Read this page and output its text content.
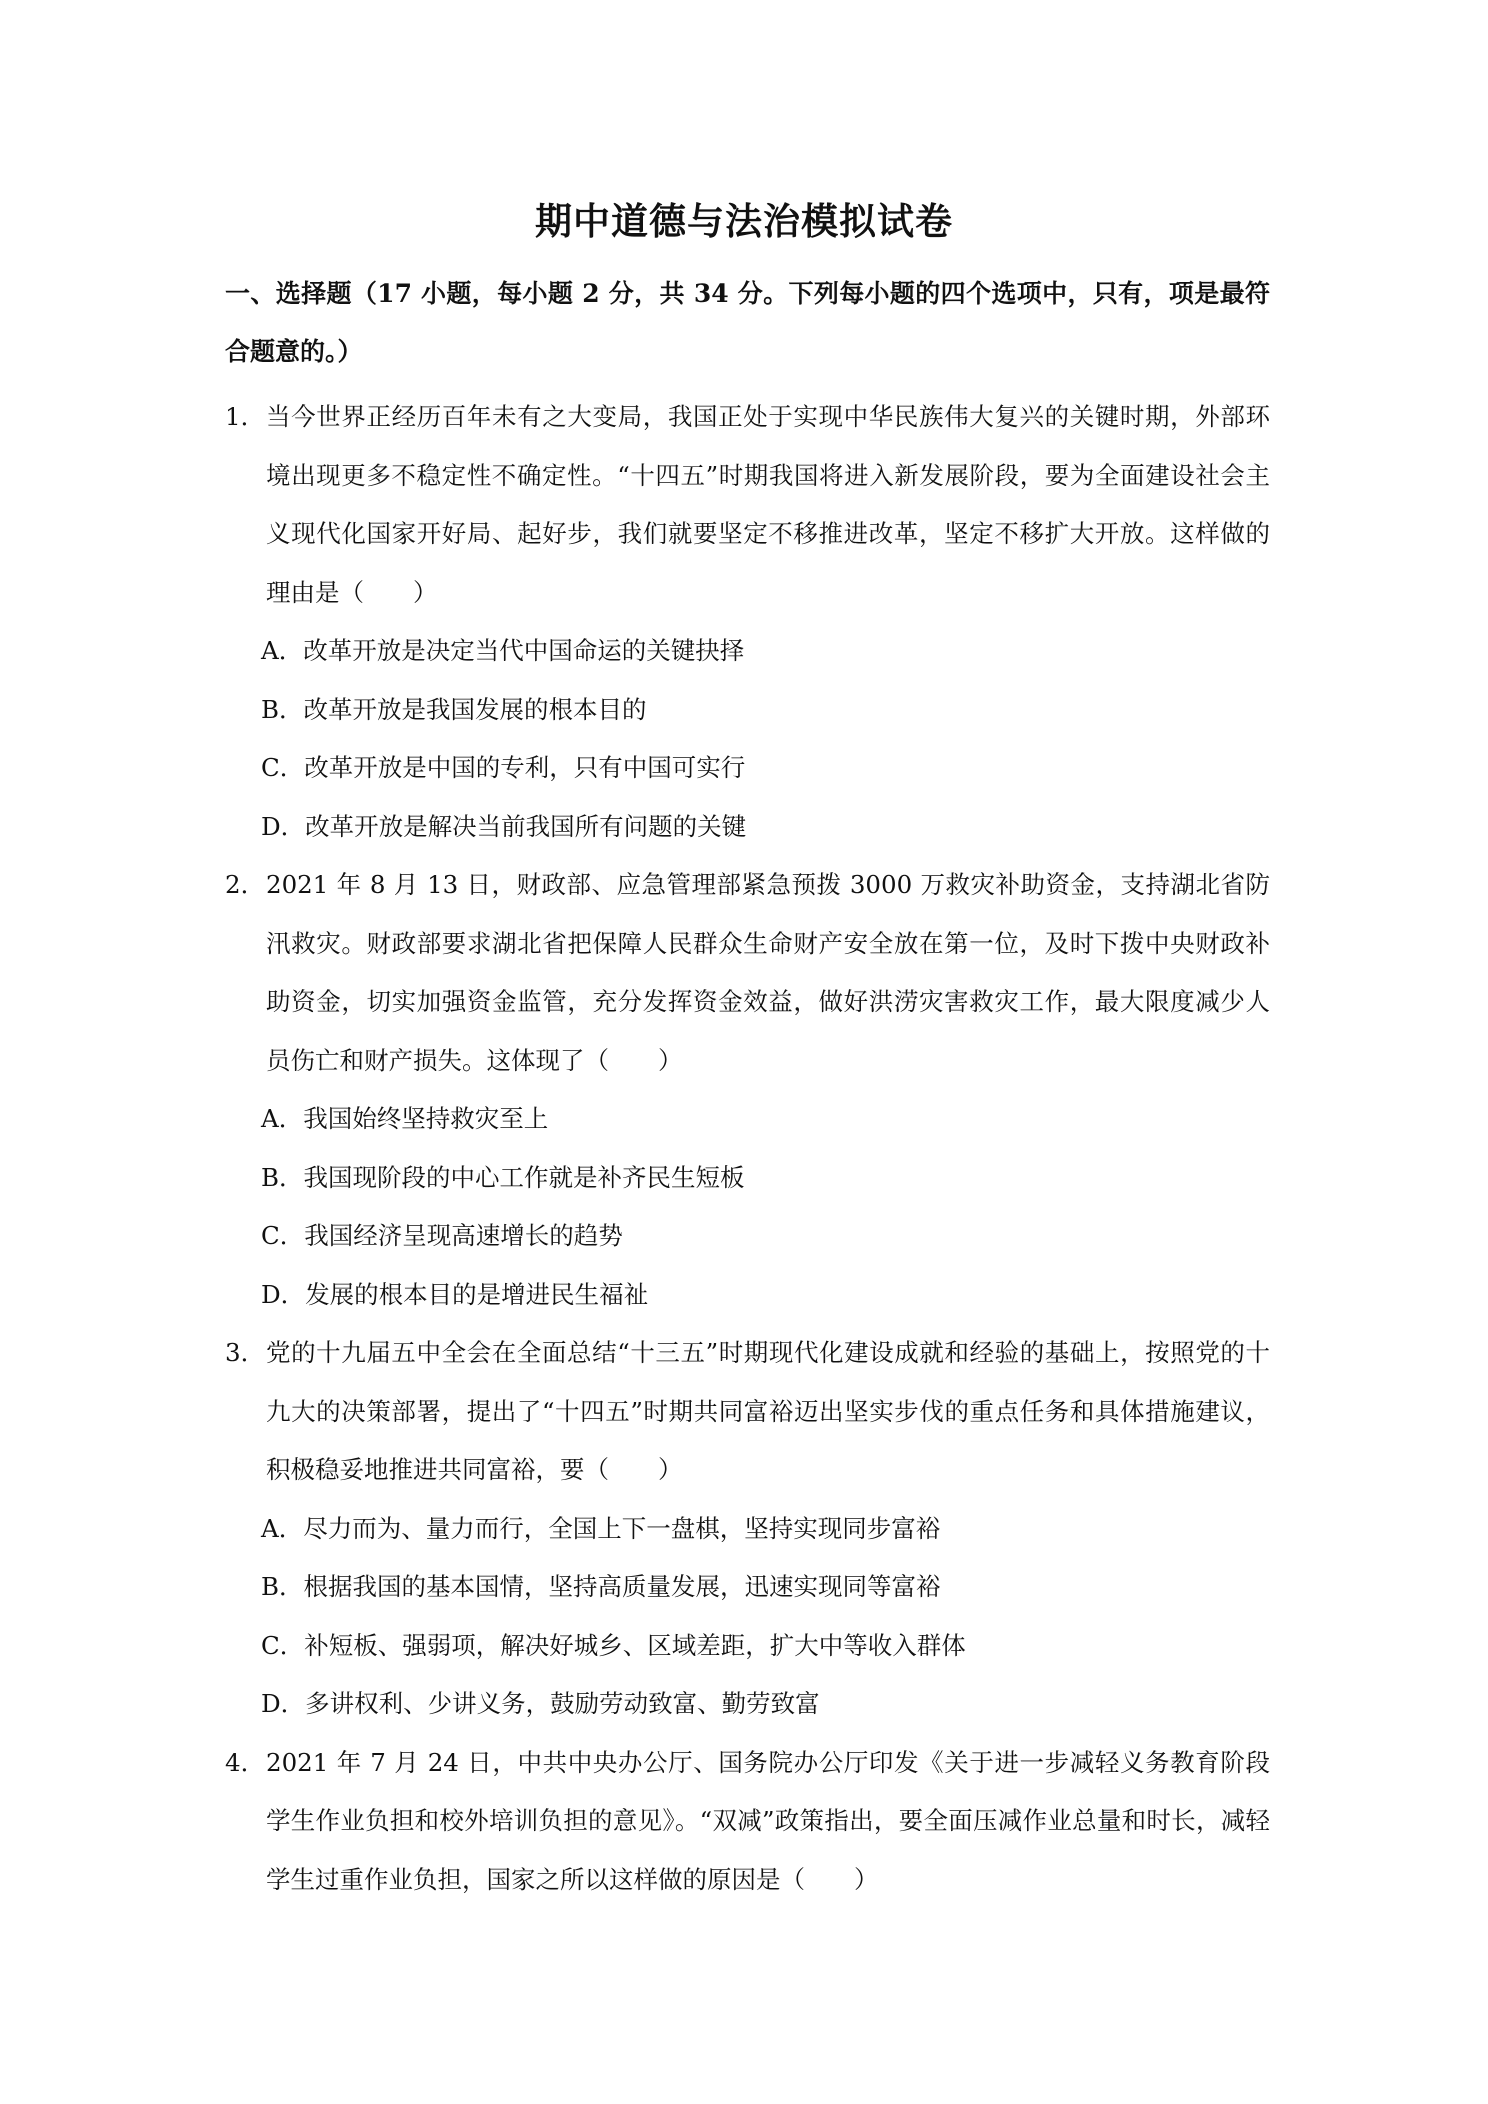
期中道德与法治模拟试卷
一、选择题（17 小题，每小题 2 分，共 34 分。下列每小题的四个选项中，只有，项是最符合题意的。）
1． 当今世界正经历百年未有之大变局，我国正处于实现中华民族伟大复兴的关键时期，外部环境出现更多不稳定性不确定性。“十四五”时期我国将进入新发展阶段，要为全面建设社会主义现代化国家开好局、起好步，我们就要坚定不移推进改革，坚定不移扩大开放。这样做的理由是（　　）
A． 改革开放是决定当代中国命运的关键抉择
B． 改革开放是我国发展的根本目的
C． 改革开放是中国的专利，只有中国可实行
D． 改革开放是解决当前我国所有问题的关键
2． 2021 年 8 月 13 日，财政部、应急管理部紧急预拨 3000 万救灾补助资金，支持湖北省防汛救灾。财政部要求湖北省把保障人民群众生命财产安全放在第一位，及时下拨中央财政补助资金，切实加强资金监管，充分发挥资金效益，做好洪涝灾害救灾工作，最大限度减少人员伤亡和财产损失。这体现了（　　）
A． 我国始终坚持救灾至上
B． 我国现阶段的中心工作就是补齐民生短板
C． 我国经济呈现高速增长的趋势
D． 发展的根本目的是增进民生福祉
3． 党的十九届五中全会在全面总结“十三五”时期现代化建设成就和经验的基础上，按照党的十九大的决策部署，提出了“十四五”时期共同富裕迈出坚实步伐的重点任务和具体措施建议，积极稳妥地推进共同富裕，要（　　）
A． 尽力而为、量力而行，全国上下一盘棋，坚持实现同步富裕
B． 根据我国的基本国情，坚持高质量发展，迅速实现同等富裕
C． 补短板、强弱项，解决好城乡、区域差距，扩大中等收入群体
D． 多讲权利、少讲义务，鼓励劳动致富、勤劳致富
4． 2021 年 7 月 24 日，中共中央办公厅、国务院办公厅印发《关于进一步减轻义务教育阶段学生作业负担和校外培训负担的意见》。“双减”政策指出，要全面压减作业总量和时长，减轻学生过重作业负担，国家之所以这样做的原因是（　　）
